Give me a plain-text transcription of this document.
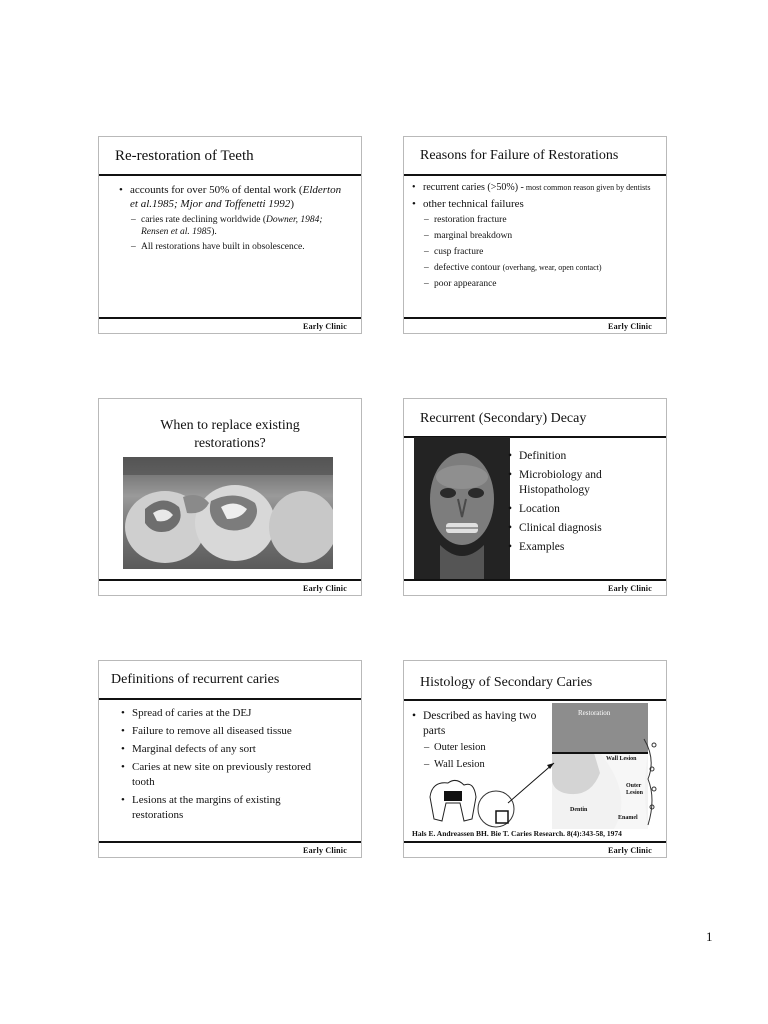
Re-restoration of Teeth
• accounts for over 50% of dental work (Elderton et al.1985; Mjor and Toffenetti 1992)
– caries rate declining worldwide (Downer, 1984; Rensen et al. 1985).
– All restorations have built in obsolescence.
Early Clinic
Reasons for Failure of Restorations
• recurrent caries (>50%) - most common reason given by dentists
• other technical failures
– restoration fracture
– marginal breakdown
– cusp fracture
– defective contour (overhang, wear, open contact)
– poor appearance
Early Clinic
When to replace existing
restorations?
Early Clinic
Recurrent (Secondary) Decay
• Definition
• Microbiology and Histopathology
• Location
• Clinical diagnosis
• Examples
Early Clinic
Definitions of recurrent caries
• Spread of caries at the DEJ
• Failure to remove all diseased tissue
• Marginal defects of any sort
• Caries at new site on previously restored tooth
• Lesions at the margins of existing restorations
Early Clinic
Histology of Secondary Caries
Restoration
Wall Lesion
Outer
Lesion
Dentin
Enamel
Hals E. Andreassen BH. Bie T. Caries Research. 8(4):343-58, 1974
• Described as having two parts
– Outer lesion
– Wall Lesion
Early Clinic
1
